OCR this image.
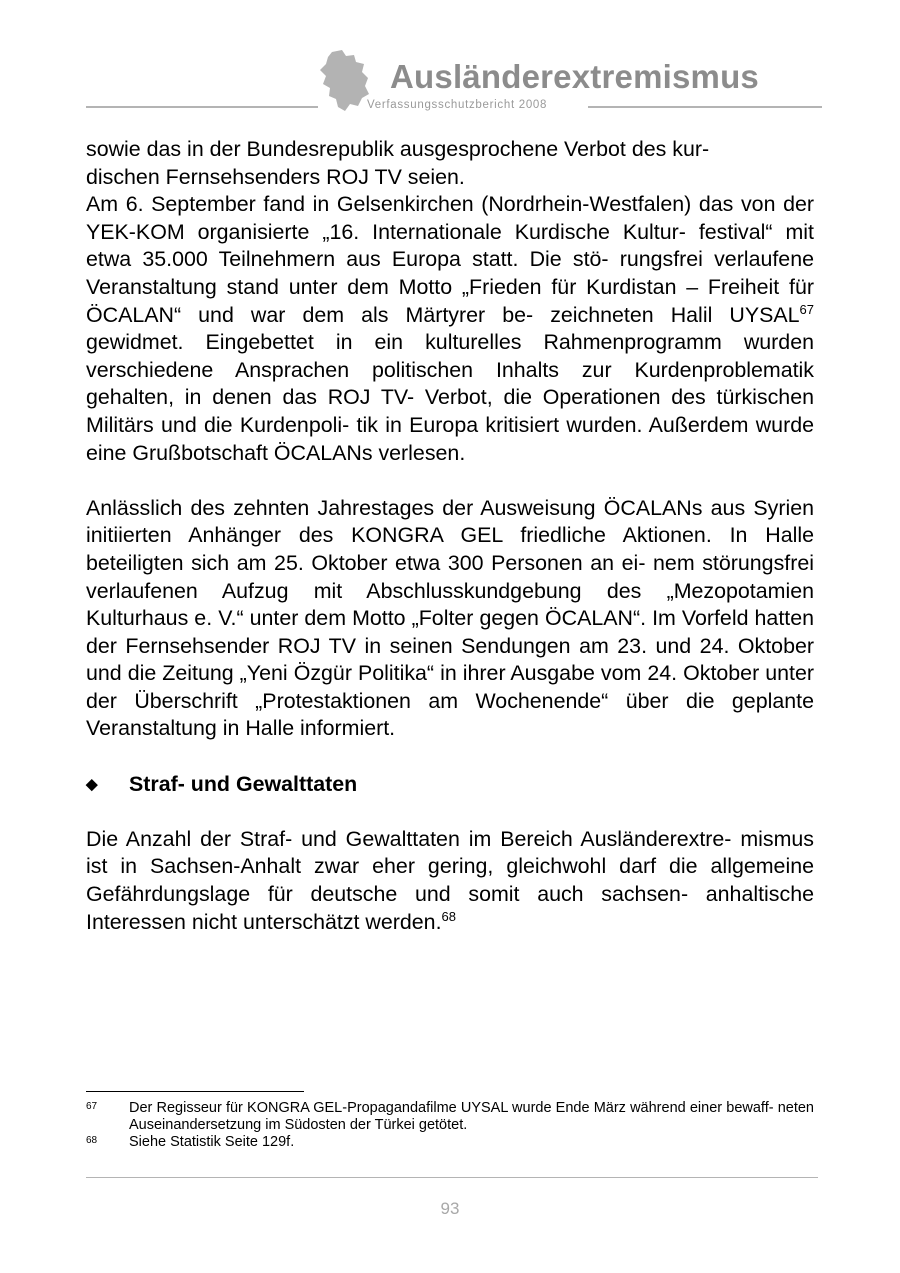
Ausländerextremismus
Verfassungsschutzbericht 2008

sowie das in der Bundesrepublik ausgesprochene Verbot des kur-
dischen Fernsehsenders ROJ TV seien.

Am 6. September fand in Gelsenkirchen (Nordrhein-Westfalen) das von der YEK-KOM organisierte „16. Internationale Kurdische Kultur- festival“ mit etwa 35.000 Teilnehmern aus Europa statt. Die stö- rungsfrei verlaufene Veranstaltung stand unter dem Motto „Frieden für Kurdistan – Freiheit für ÖCALAN“ und war dem als Märtyrer be- zeichneten Halil UYSAL$^{67}$ gewidmet. Eingebettet in ein kulturelles Rahmenprogramm wurden verschiedene Ansprachen politischen Inhalts zur Kurdenproblematik gehalten, in denen das ROJ TV- Verbot, die Operationen des türkischen Militärs und die Kurdenpoli- tik in Europa kritisiert wurden. Außerdem wurde eine Grußbotschaft ÖCALANs verlesen.

Anlässlich des zehnten Jahrestages der Ausweisung ÖCALANs aus Syrien initiierten Anhänger des KONGRA GEL friedliche Aktionen. In Halle beteiligten sich am 25. Oktober etwa 300 Personen an ei- nem störungsfrei verlaufenen Aufzug mit Abschlusskundgebung des „Mezopotamien Kulturhaus e. V.“ unter dem Motto „Folter gegen ÖCALAN“. Im Vorfeld hatten der Fernsehsender ROJ TV in seinen Sendungen am 23. und 24. Oktober und die Zeitung „Yeni Özgür Politika“ in ihrer Ausgabe vom 24. Oktober unter der Überschrift „Protestaktionen am Wochenende“ über die geplante Veranstaltung in Halle informiert.

◆	Straf- und Gewalttaten

Die Anzahl der Straf- und Gewalttaten im Bereich Ausländerextre- mismus ist in Sachsen-Anhalt zwar eher gering, gleichwohl darf die allgemeine Gefährdungslage für deutsche und somit auch sachsen- anhaltische Interessen nicht unterschätzt werden.$^{68}$

67	Der Regisseur für KONGRA GEL-Propagandafilme UYSAL wurde Ende März während einer bewaff- neten Auseinandersetzung im Südosten der Türkei getötet.
68	Siehe Statistik Seite 129f.
93
